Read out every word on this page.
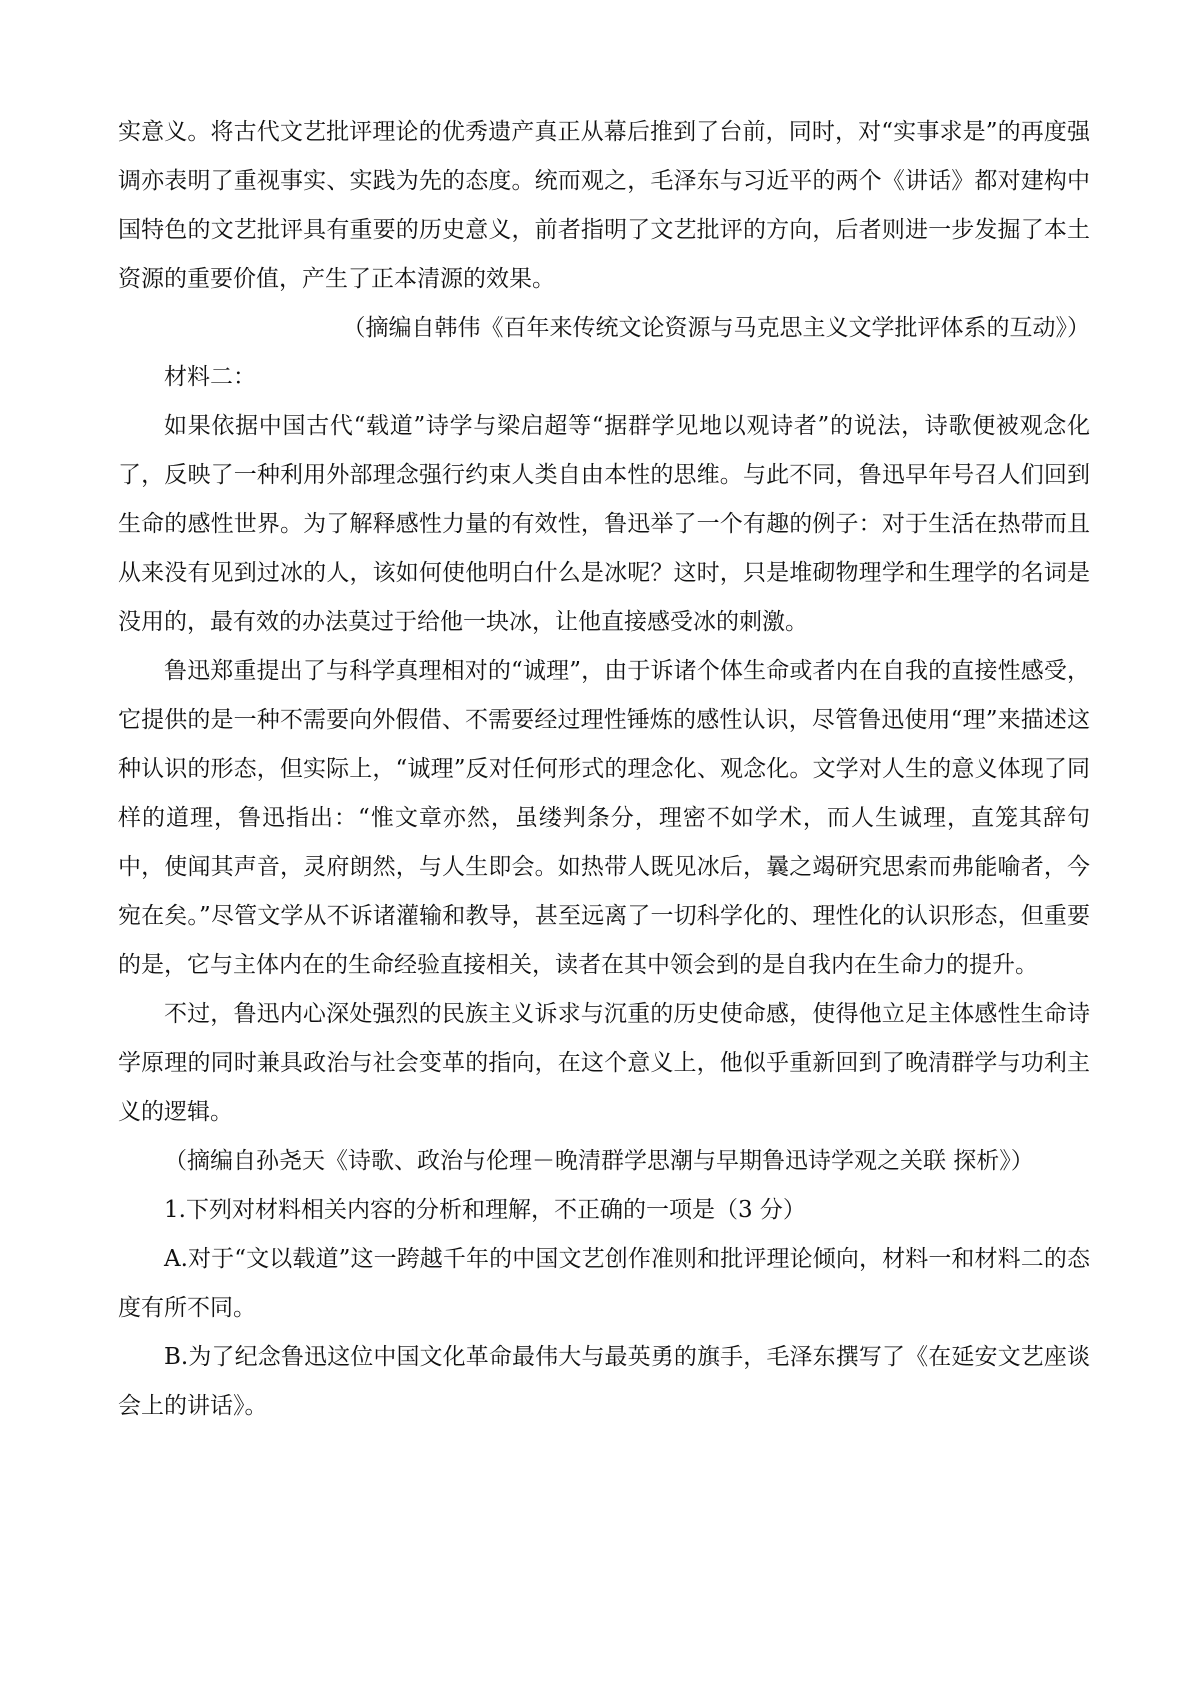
实意义。将古代文艺批评理论的优秀遗产真正从幕后推到了台前，同时，对“实事求是”的再度强调亦表明了重视事实、实践为先的态度。统而观之，毛泽东与习近平的两个《讲话》都对建构中国特色的文艺批评具有重要的历史意义，前者指明了文艺批评的方向，后者则进一步发掘了本土资源的重要价值，产生了正本清源的效果。

（摘编自韩伟《百年来传统文论资源与马克思主义文学批评体系的互动》）

材料二：

如果依据中国古代“载道”诗学与梁启超等“据群学见地以观诗者”的说法，诗歌便被观念化了，反映了一种利用外部理念强行约束人类自由本性的思维。与此不同，鲁迅早年号召人们回到生命的感性世界。为了解释感性力量的有效性，鲁迅举了一个有趣的例子：对于生活在热带而且从来没有见到过冰的人，该如何使他明白什么是冰呢？这时，只是堆砌物理学和生理学的名词是没用的，最有效的办法莫过于给他一块冰，让他直接感受冰的刺激。

鲁迅郑重提出了与科学真理相对的“诚理”，由于诉诸个体生命或者内在自我的直接性感受，它提供的是一种不需要向外假借、不需要经过理性锤炼的感性认识，尽管鲁迅使用“理”来描述这种认识的形态，但实际上，“诚理”反对任何形式的理念化、观念化。文学对人生的意义体现了同样的道理，鲁迅指出：“惟文章亦然，虽缕判条分，理密不如学术，而人生诚理，直笼其辞句中，使闻其声音，灵府朗然，与人生即会。如热带人既见冰后，曩之竭研究思索而弗能喻者，今宛在矣。”尽管文学从不诉诸灌输和教导，甚至远离了一切科学化的、理性化的认识形态，但重要的是，它与主体内在的生命经验直接相关，读者在其中领会到的是自我内在生命力的提升。

不过，鲁迅内心深处强烈的民族主义诉求与沉重的历史使命感，使得他立足主体感性生命诗学原理的同时兼具政治与社会变革的指向，在这个意义上，他似乎重新回到了晚清群学与功利主义的逻辑。

（摘编自孙尧天《诗歌、政治与伦理－晚清群学思潮与早期鲁迅诗学观之关联 探析》）

1.下列对材料相关内容的分析和理解，不正确的一项是（3 分）

A.对于“文以载道”这一跨越千年的中国文艺创作准则和批评理论倾向，材料一和材料二的态度有所不同。

B.为了纪念鲁迅这位中国文化革命最伟大与最英勇的旗手，毛泽东撰写了《在延安文艺座谈会上的讲话》。
